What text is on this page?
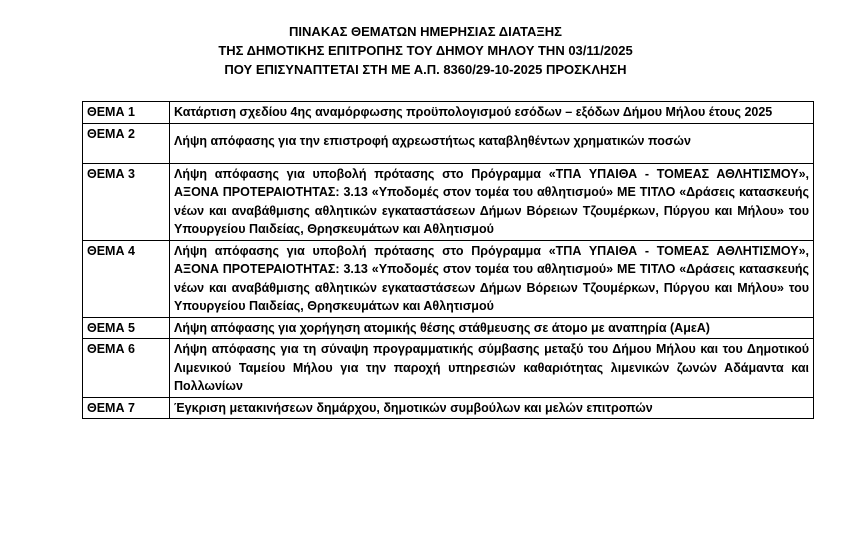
ΠΙΝΑΚΑΣ ΘΕΜΑΤΩΝ ΗΜΕΡΗΣΙΑΣ ΔΙΑΤΑΞΗΣ
ΤΗΣ ΔΗΜΟΤΙΚΗΣ ΕΠΙΤΡΟΠΗΣ ΤΟΥ ΔΗΜΟΥ ΜΗΛΟΥ ΤΗΝ 03/11/2025
ΠΟΥ ΕΠΙΣΥΝΑΠΤΕΤΑΙ ΣΤΗ ΜΕ Α.Π. 8360/29-10-2025 ΠΡΟΣΚΛΗΣΗ
ΘΕΜΑ 1	Κατάρτιση σχεδίου 4ης αναμόρφωσης προϋπολογισμού εσόδων – εξόδων Δήμου Μήλου έτους 2025
ΘΕΜΑ 2	Λήψη απόφασης για την επιστροφή αχρεωστήτως καταβληθέντων χρηματικών ποσών
ΘΕΜΑ 3	Λήψη απόφασης για υποβολή πρότασης στο Πρόγραμμα «ΤΠΑ ΥΠΑΙΘΑ - ΤΟΜΕΑΣ ΑΘΛΗΤΙΣΜΟΥ», ΑΞΟΝΑ ΠΡΟΤΕΡΑΙΟΤΗΤΑΣ: 3.13 «Υποδομές στον τομέα του αθλητισμού» ΜΕ ΤΙΤΛΟ «Δράσεις κατασκευής νέων και αναβάθμισης αθλητικών εγκαταστάσεων Δήμων Βόρειων Τζουμέρκων, Πύργου και Μήλου» του Υπουργείου Παιδείας, Θρησκευμάτων και Αθλητισμού
ΘΕΜΑ 4	Λήψη απόφασης για υποβολή πρότασης στο Πρόγραμμα «ΤΠΑ ΥΠΑΙΘΑ - ΤΟΜΕΑΣ ΑΘΛΗΤΙΣΜΟΥ», ΑΞΟΝΑ ΠΡΟΤΕΡΑΙΟΤΗΤΑΣ: 3.13 «Υποδομές στον τομέα του αθλητισμού» ΜΕ ΤΙΤΛΟ «Δράσεις κατασκευής νέων και αναβάθμισης αθλητικών εγκαταστάσεων Δήμων Βόρειων Τζουμέρκων, Πύργου και Μήλου» του Υπουργείου Παιδείας, Θρησκευμάτων και Αθλητισμού
ΘΕΜΑ 5	Λήψη απόφασης για χορήγηση ατομικής θέσης στάθμευσης σε άτομο με αναπηρία (ΑμεΑ)
ΘΕΜΑ 6	Λήψη απόφασης για τη σύναψη προγραμματικής σύμβασης μεταξύ του Δήμου Μήλου και του Δημοτικού Λιμενικού Ταμείου Μήλου για την παροχή υπηρεσιών καθαριότητας λιμενικών ζωνών Αδάμαντα και Πολλωνίων
ΘΕΜΑ 7	Έγκριση μετακινήσεων δημάρχου, δημοτικών συμβούλων και μελών επιτροπών
